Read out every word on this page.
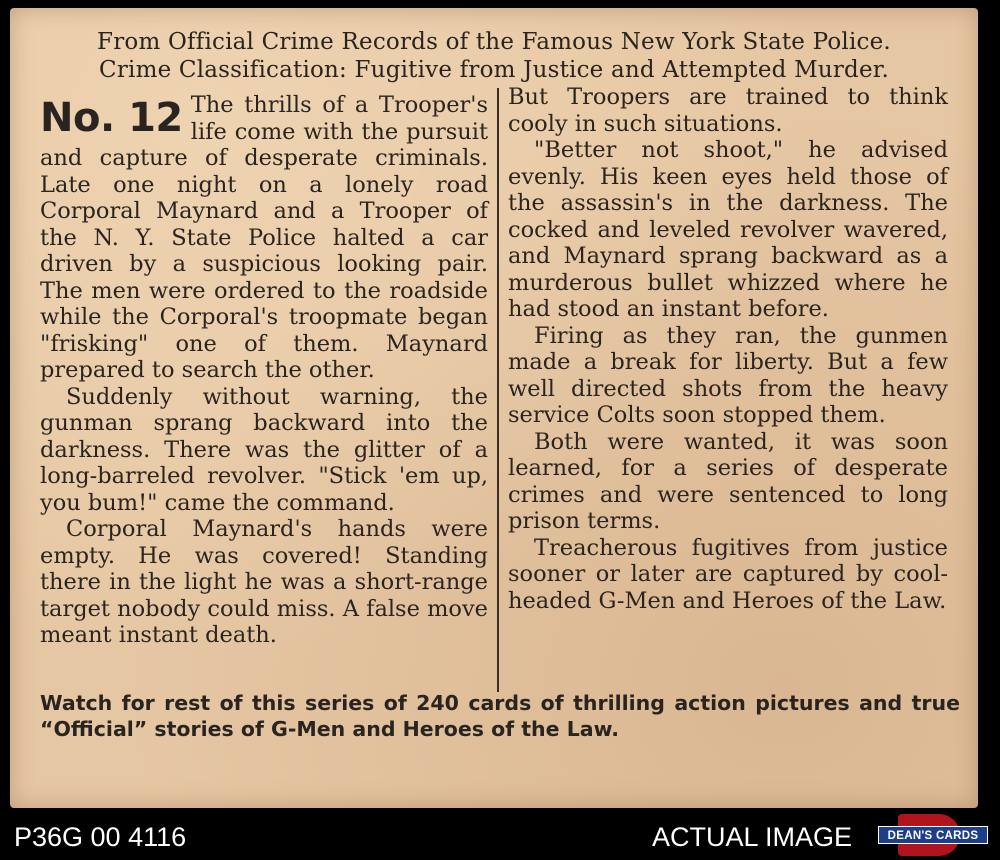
From Official Crime Records of the Famous New York State Police.
Crime Classification: Fugitive from Justice and Attempted Murder.

No. 12 The thrills of a Trooper's life come with the pursuit and capture of desperate criminals. Late one night on a lonely road Corporal Maynard and a Trooper of the N. Y. State Police halted a car driven by a suspicious looking pair. The men were ordered to the roadside while the Corporal's troopmate began "frisking" one of them. Maynard prepared to search the other.

Suddenly without warning, the gunman sprang backward into the darkness. There was the glitter of a long-barreled revolver. "Stick 'em up, you bum!" came the command.

Corporal Maynard's hands were empty. He was covered! Standing there in the light he was a short-range target nobody could miss. A false move meant instant death.

But Troopers are trained to think cooly in such situations.

"Better not shoot," he advised evenly. His keen eyes held those of the assassin's in the darkness. The cocked and leveled revolver wavered, and Maynard sprang backward as a murderous bullet whizzed where he had stood an instant before.

Firing as they ran, the gunmen made a break for liberty. But a few well directed shots from the heavy service Colts soon stopped them.

Both were wanted, it was soon learned, for a series of desperate crimes and were sentenced to long prison terms.

Treacherous fugitives from justice sooner or later are captured by cool-headed G-Men and Heroes of the Law.

Watch for rest of this series of 240 cards of thrilling action pictures and true “Official” stories of G-Men and Heroes of the Law.
P36G 00 4116	ACTUAL IMAGE	DEAN'S CARDS
